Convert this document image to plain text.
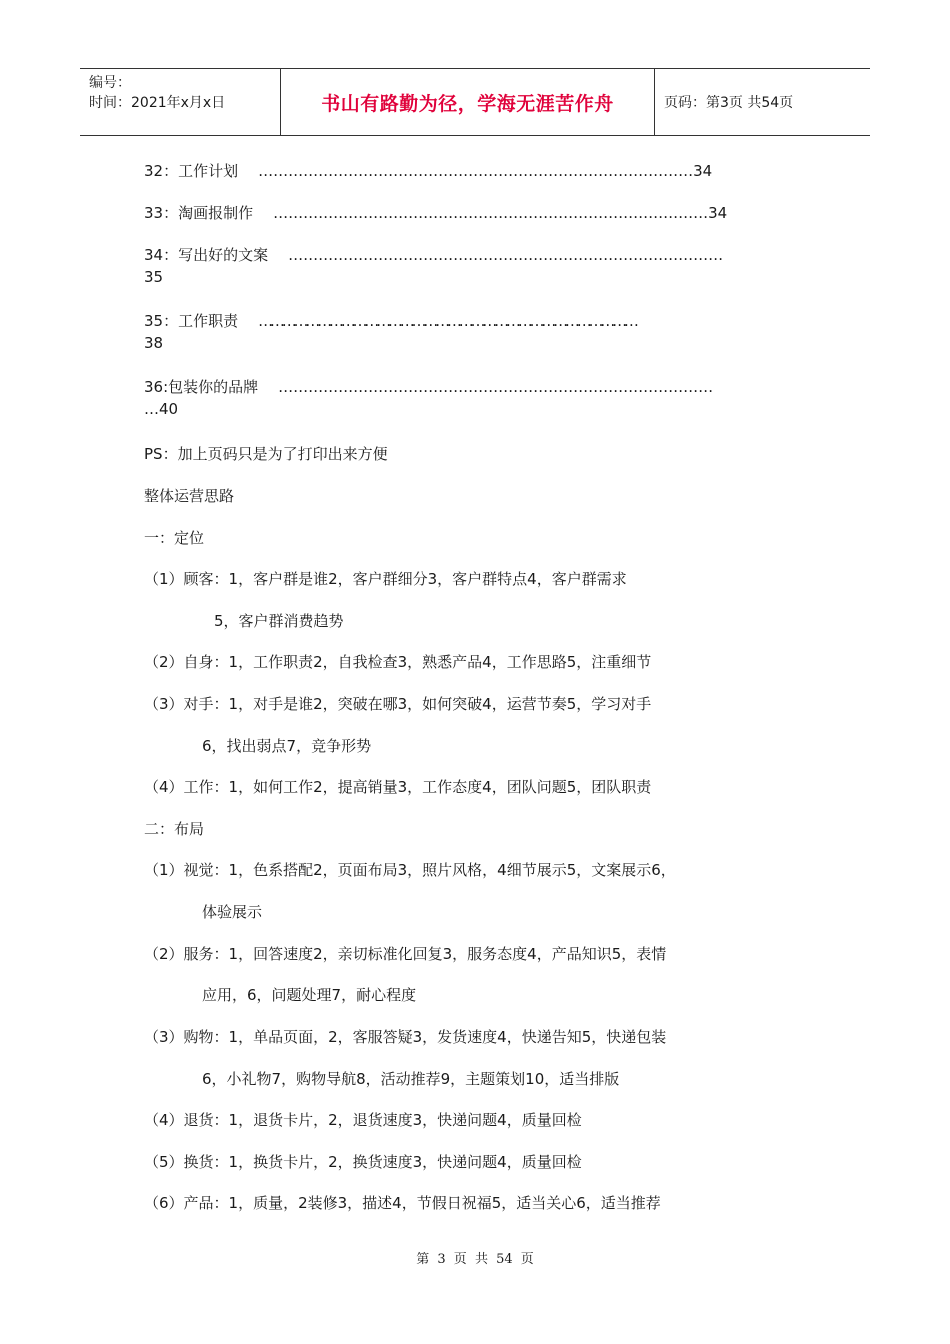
编号：
时间：2021年x月x日	书山有路勤为径，学海无涯苦作舟	页码：第3页 共54页
32：工作计划 ……………………………………………………………………………34
33：淘画报制作 ……………………………………………………………………………34
34：写出好的文案 ……………………………………………………………………………
35
35：工作职责 ……………………………………………………………………………………
38
36:包装你的品牌 ……………………………………………………………………………
…40
PS：加上页码只是为了打印出来方便
整体运营思路
一：定位
（1）顾客：1，客户群是谁2，客户群细分3，客户群特点4，客户群需求
5，客户群消费趋势
（2）自身：1，工作职责2，自我检查3，熟悉产品4，工作思路5，注重细节
（3）对手：1，对手是谁2，突破在哪3，如何突破4，运营节奏5，学习对手
6，找出弱点7，竞争形势
（4）工作：1，如何工作2，提高销量3，工作态度4，团队问题5，团队职责
二：布局
（1）视觉：1，色系搭配2，页面布局3，照片风格，4细节展示5，文案展示6，
体验展示
（2）服务：1，回答速度2，亲切标准化回复3，服务态度4，产品知识5，表情
应用，6，问题处理7，耐心程度
（3）购物：1，单品页面，2，客服答疑3，发货速度4，快递告知5，快递包装
6，小礼物7，购物导航8，活动推荐9，主题策划10，适当排版
（4）退货：1，退货卡片，2，退货速度3，快递问题4，质量回检
（5）换货：1，换货卡片，2，换货速度3，快递问题4，质量回检
（6）产品：1，质量，2装修3，描述4，节假日祝福5，适当关心6，适当推荐
第 3 页 共 54 页
